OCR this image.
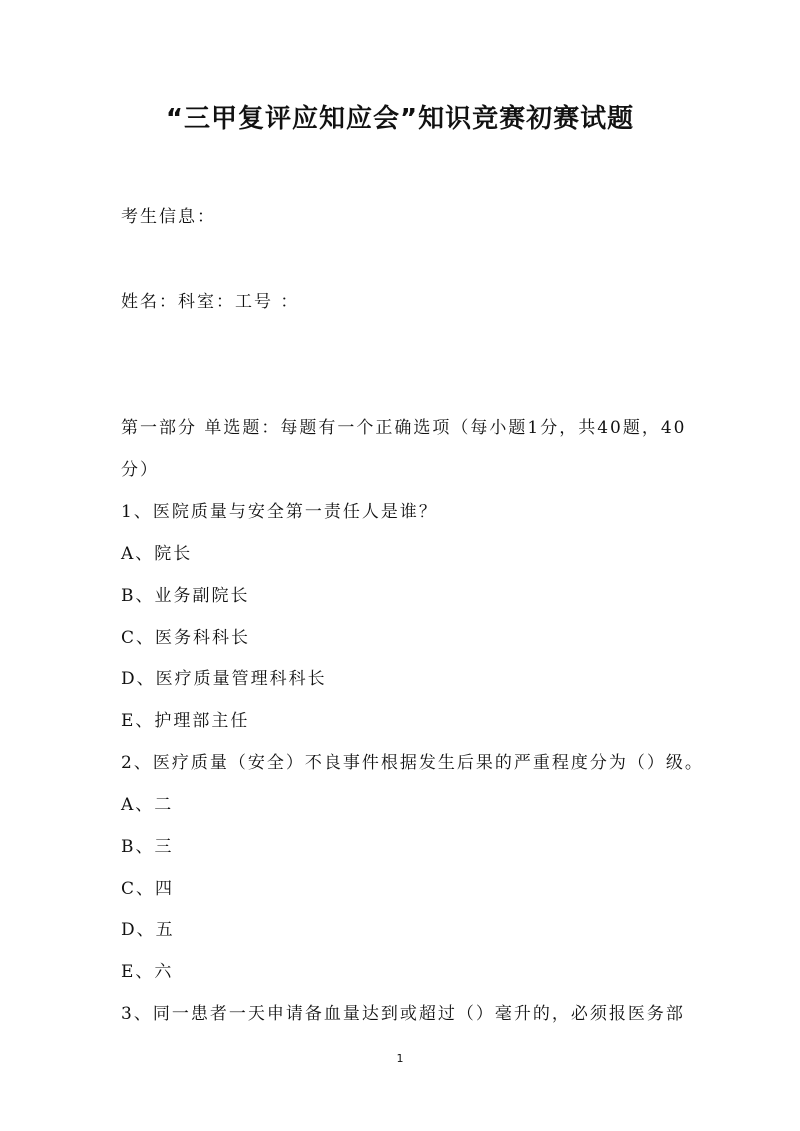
“三甲复评应知应会”知识竞赛初赛试题
考生信息：
姓名：科室：工号 ：
第一部分 单选题：每题有一个正确选项（每小题1分，共40题，40
分）
1、医院质量与安全第一责任人是谁？
A、院长
B、业务副院长
C、医务科科长
D、医疗质量管理科科长
E、护理部主任
2、医疗质量（安全）不良事件根据发生后果的严重程度分为（）级。
A、二
B、三
C、四
D、五
E、六
3、同一患者一天申请备血量达到或超过（）毫升的，必须报医务部
1
